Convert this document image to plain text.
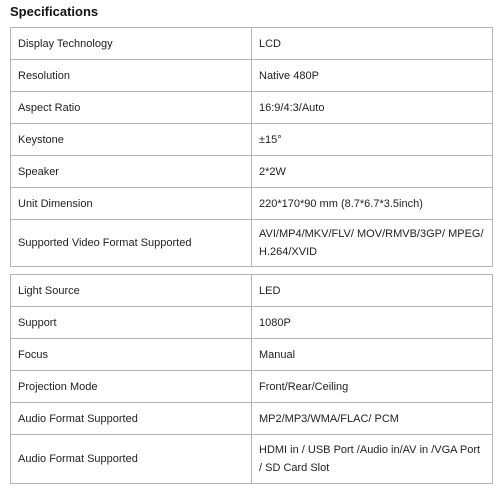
Specifications
Display Technology	LCD
Resolution	Native 480P
Aspect Ratio	16:9/4:3/Auto
Keystone	±15°
Speaker	2*2W
Unit Dimension	220*170*90 mm (8.7*6.7*3.5inch)
Supported Video Format Supported	AVI/MP4/MKV/FLV/ MOV/RMVB/3GP/ MPEG/H.264/XVID
Light Source	LED
Support	1080P
Focus	Manual
Projection Mode	Front/Rear/Ceiling
Audio Format Supported	MP2/MP3/WMA/FLAC/ PCM
Audio Format Supported	HDMI in / USB Port /Audio in/AV in /VGA Port / SD Card Slot
